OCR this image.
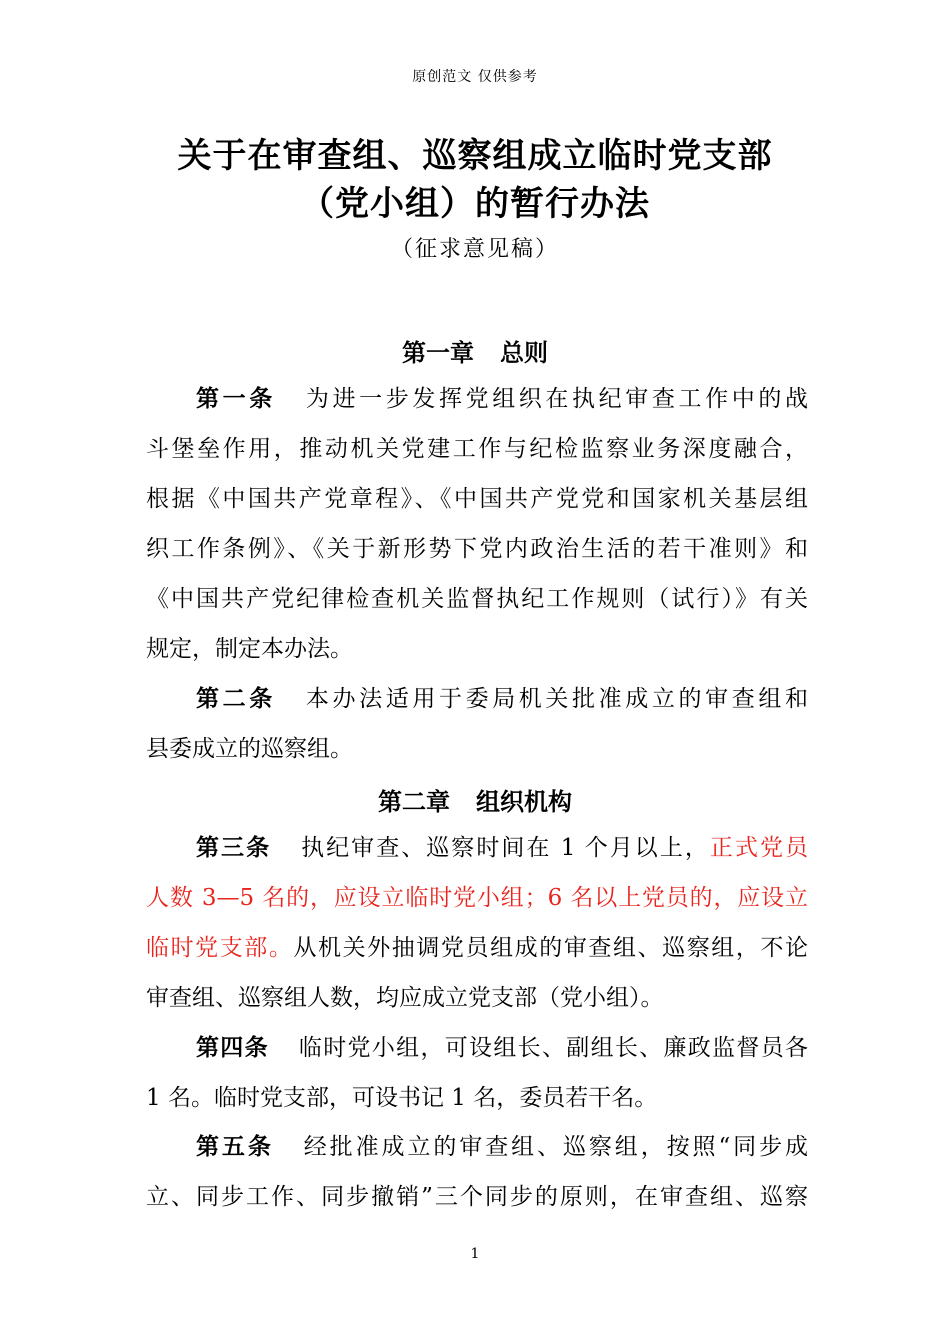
原创范文 仅供参考
关于在审查组、巡察组成立临时党支部
（党小组）的暂行办法
（征求意见稿）
第一章 总则
第一条 为进一步发挥党组织在执纪审查工作中的战
斗堡垒作用，推动机关党建工作与纪检监察业务深度融合，
根据《中国共产党章程》、《中国共产党党和国家机关基层组
织工作条例》、《关于新形势下党内政治生活的若干准则》和
《中国共产党纪律检查机关监督执纪工作规则（试行）》有关
规定，制定本办法。
第二条 本办法适用于委局机关批准成立的审查组和
县委成立的巡察组。
第二章 组织机构
第三条 执纪审查、巡察时间在 1 个月以上，正式党员
人数 3—5 名的，应设立临时党小组；6 名以上党员的，应设立
临时党支部。从机关外抽调党员组成的审查组、巡察组，不论
审查组、巡察组人数，均应成立党支部（党小组）。
第四条 临时党小组，可设组长、副组长、廉政监督员各
1 名。临时党支部，可设书记 1 名，委员若干名。
第五条 经批准成立的审查组、巡察组，按照“同步成
立、同步工作、同步撤销”三个同步的原则，在审查组、巡察
1
